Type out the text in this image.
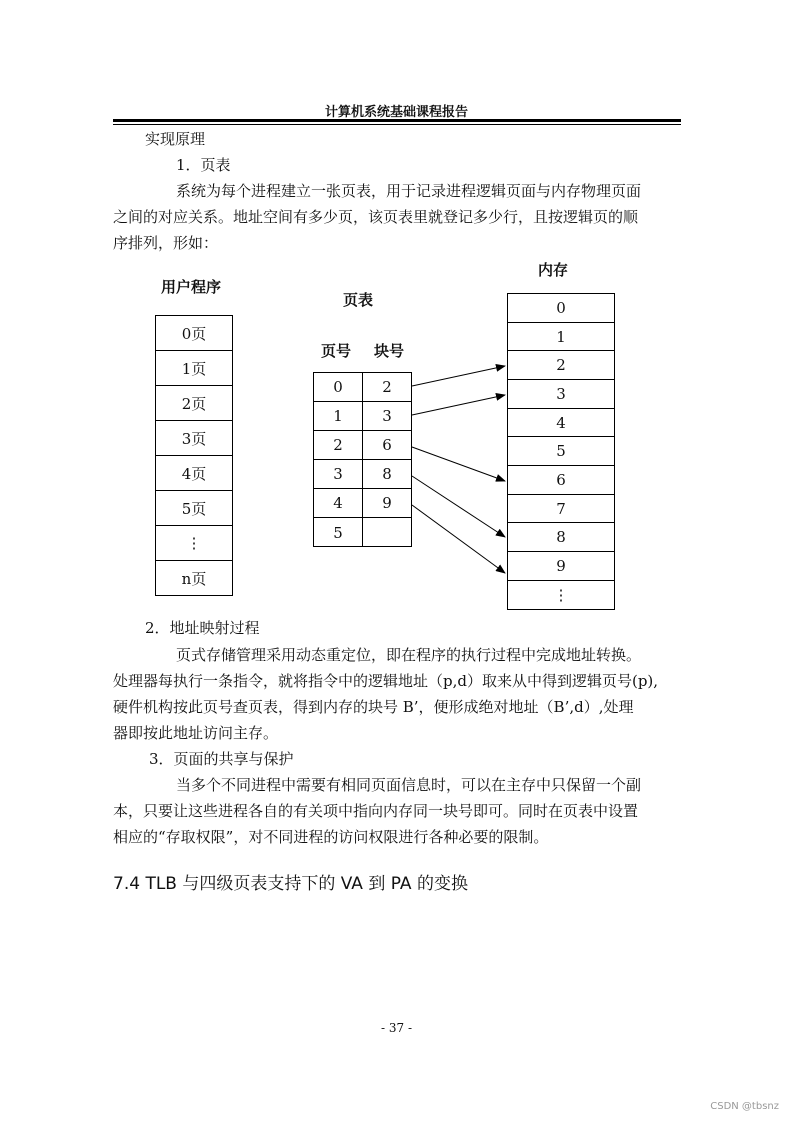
计算机系统基础课程报告
实现原理
1．页表
系统为每个进程建立一张页表，用于记录进程逻辑页面与内存物理页面
之间的对应关系。地址空间有多少页，该页表里就登记多少行，且按逻辑页的顺
序排列，形如：
用户程序
0页
1页
2页
3页
4页
5页
⋮
n页
页表
页号 块号
0	2
1	3
2	6
3	8
4	9
5
内存
0
1
2
3
4
5
6
7
8
9
⋮
2．地址映射过程
页式存储管理采用动态重定位，即在程序的执行过程中完成地址转换。
处理器每执行一条指令，就将指令中的逻辑地址（p,d）取来从中得到逻辑页号(p),
硬件机构按此页号查页表，得到内存的块号 B’，便形成绝对地址（B’,d）,处理
器即按此地址访问主存。
3．页面的共享与保护
当多个不同进程中需要有相同页面信息时，可以在主存中只保留一个副
本，只要让这些进程各自的有关项中指向内存同一块号即可。同时在页表中设置
相应的“存取权限”，对不同进程的访问权限进行各种必要的限制。
7.4 TLB 与四级页表支持下的 VA 到 PA 的变换
- 37 -
CSDN @tbsnz
